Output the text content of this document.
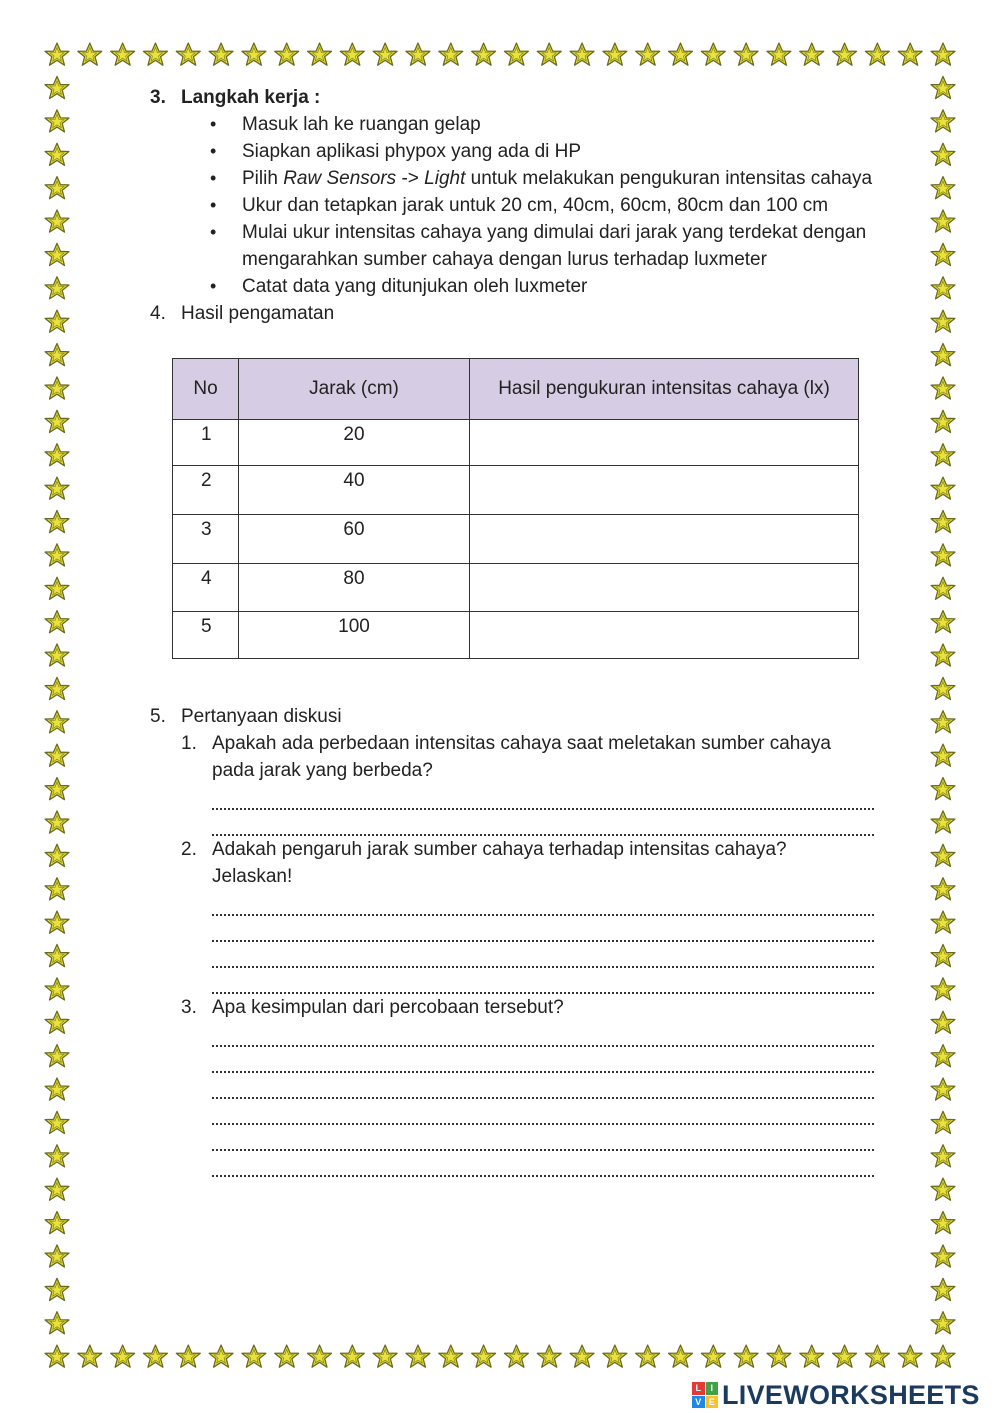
3. Langkah kerja :
• Masuk lah ke ruangan gelap
• Siapkan aplikasi phypox yang ada di HP
• Pilih Raw Sensors -> Light untuk melakukan pengukuran intensitas cahaya
• Ukur dan tetapkan jarak untuk 20 cm, 40cm, 60cm, 80cm dan 100 cm
• Mulai ukur intensitas cahaya yang dimulai dari jarak yang terdekat dengan mengarahkan sumber cahaya dengan lurus terhadap luxmeter
• Catat data yang ditunjukan oleh luxmeter
4. Hasil pengamatan
No	Jarak (cm)	Hasil pengukuran intensitas cahaya (lx)
1	20	
2	40	
3	60	
4	80	
5	100	
5. Pertanyaan diskusi
1. Apakah ada perbedaan intensitas cahaya saat meletakan sumber cahaya
pada jarak yang berbeda?
2. Adakah pengaruh jarak sumber cahaya terhadap intensitas cahaya?
Jelaskan!
3. Apa kesimpulan dari percobaan tersebut?
L	I
V E LIVEWORKSHEETS
